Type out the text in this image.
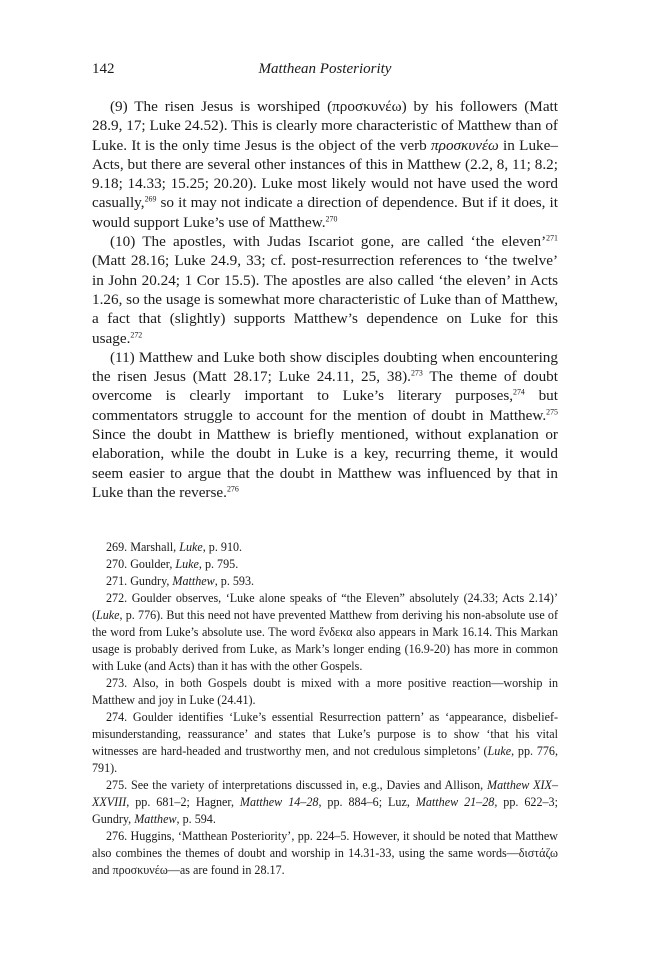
142	Matthean Posteriority

(9) The risen Jesus is worshiped (προσκυνέω) by his followers (Matt 28.9, 17; Luke 24.52). This is clearly more characteristic of Matthew than of Luke. It is the only time Jesus is the object of the verb προσκυνέω in Luke–Acts, but there are several other instances of this in Matthew (2.2, 8, 11; 8.2; 9.18; 14.33; 15.25; 20.20). Luke most likely would not have used the word casually,$^{269}$ so it may not indicate a direction of dependence. But if it does, it would support Luke’s use of Matthew.$^{270}$

(10) The apostles, with Judas Iscariot gone, are called ‘the eleven’$^{271}$ (Matt 28.16; Luke 24.9, 33; cf. post-resurrection references to ‘the twelve’ in John 20.24; 1 Cor 15.5). The apostles are also called ‘the eleven’ in Acts 1.26, so the usage is somewhat more characteristic of Luke than of Matthew, a fact that (slightly) supports Matthew’s dependence on Luke for this usage.$^{272}$

(11) Matthew and Luke both show disciples doubting when encountering the risen Jesus (Matt 28.17; Luke 24.11, 25, 38).$^{273}$ The theme of doubt overcome is clearly important to Luke’s literary purposes,$^{274}$ but commentators struggle to account for the mention of doubt in Matthew.$^{275}$ Since the doubt in Matthew is briefly mentioned, without explanation or elaboration, while the doubt in Luke is a key, recurring theme, it would seem easier to argue that the doubt in Matthew was influenced by that in Luke than the reverse.$^{276}$

269. Marshall, Luke, p. 910.

270. Goulder, Luke, p. 795.

271. Gundry, Matthew, p. 593.

272. Goulder observes, ‘Luke alone speaks of “the Eleven” absolutely (24.33; Acts 2.14)’ (Luke, p. 776). But this need not have prevented Matthew from deriving his non-absolute use of the word from Luke’s absolute use. The word ἕνδεκα also appears in Mark 16.14. This Markan usage is probably derived from Luke, as Mark’s longer ending (16.9-20) has more in common with Luke (and Acts) than it has with the other Gospels.

273. Also, in both Gospels doubt is mixed with a more positive reaction—worship in Matthew and joy in Luke (24.41).

274. Goulder identifies ‘Luke’s essential Resurrection pattern’ as ‘appearance, disbelief-misunderstanding, reassurance’ and states that Luke’s purpose is to show ‘that his vital witnesses are hard-headed and trustworthy men, and not credulous simpletons’ (Luke, pp. 776, 791).

275. See the variety of interpretations discussed in, e.g., Davies and Allison, Matthew XIX–XXVIII, pp. 681–2; Hagner, Matthew 14–28, pp. 884–6; Luz, Matthew 21–28, pp. 622–3; Gundry, Matthew, p. 594.

276. Huggins, ‘Matthean Posteriority’, pp. 224–5. However, it should be noted that Matthew also combines the themes of doubt and worship in 14.31-33, using the same words—διστάζω and προσκυνέω—as are found in 28.17.
